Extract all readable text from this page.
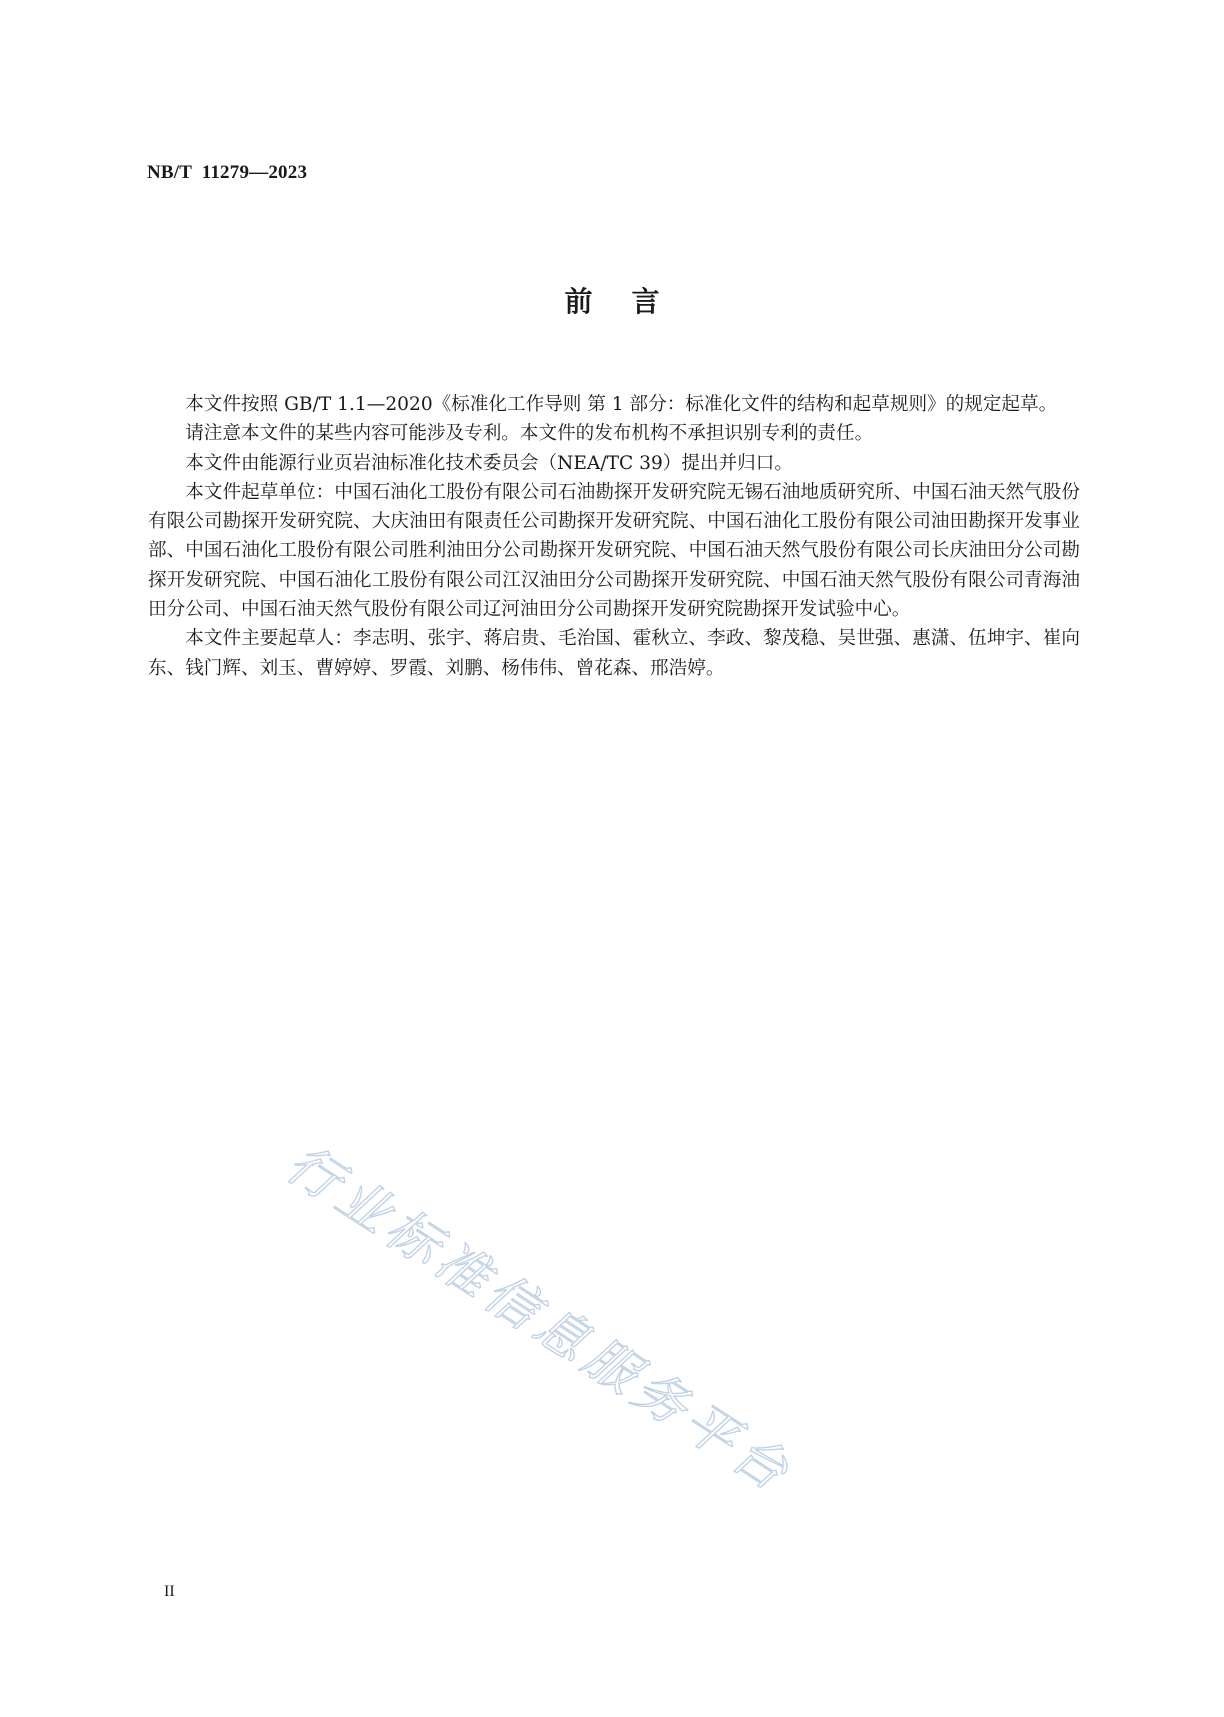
NB/T  11279—2023
前    言

本文件按照 GB/T 1.1—2020《标准化工作导则 第 1 部分：标准化文件的结构和起草规则》的规定起草。

请注意本文件的某些内容可能涉及专利。本文件的发布机构不承担识别专利的责任。

本文件由能源行业页岩油标准化技术委员会（NEA/TC 39）提出并归口。

本文件起草单位：中国石油化工股份有限公司石油勘探开发研究院无锡石油地质研究所、中国石油天然气股份有限公司勘探开发研究院、大庆油田有限责任公司勘探开发研究院、中国石油化工股份有限公司油田勘探开发事业部、中国石油化工股份有限公司胜利油田分公司勘探开发研究院、中国石油天然气股份有限公司长庆油田分公司勘探开发研究院、中国石油化工股份有限公司江汉油田分公司勘探开发研究院、中国石油天然气股份有限公司青海油田分公司、中国石油天然气股份有限公司辽河油田分公司勘探开发研究院勘探开发试验中心。

本文件主要起草人：李志明、张宇、蒋启贵、毛治国、霍秋立、李政、黎茂稳、吴世强、惠潇、伍坤宇、崔向东、钱门辉、刘玉、曹婷婷、罗霞、刘鹏、杨伟伟、曾花森、邢浩婷。

行业标准信息服务平台
II
